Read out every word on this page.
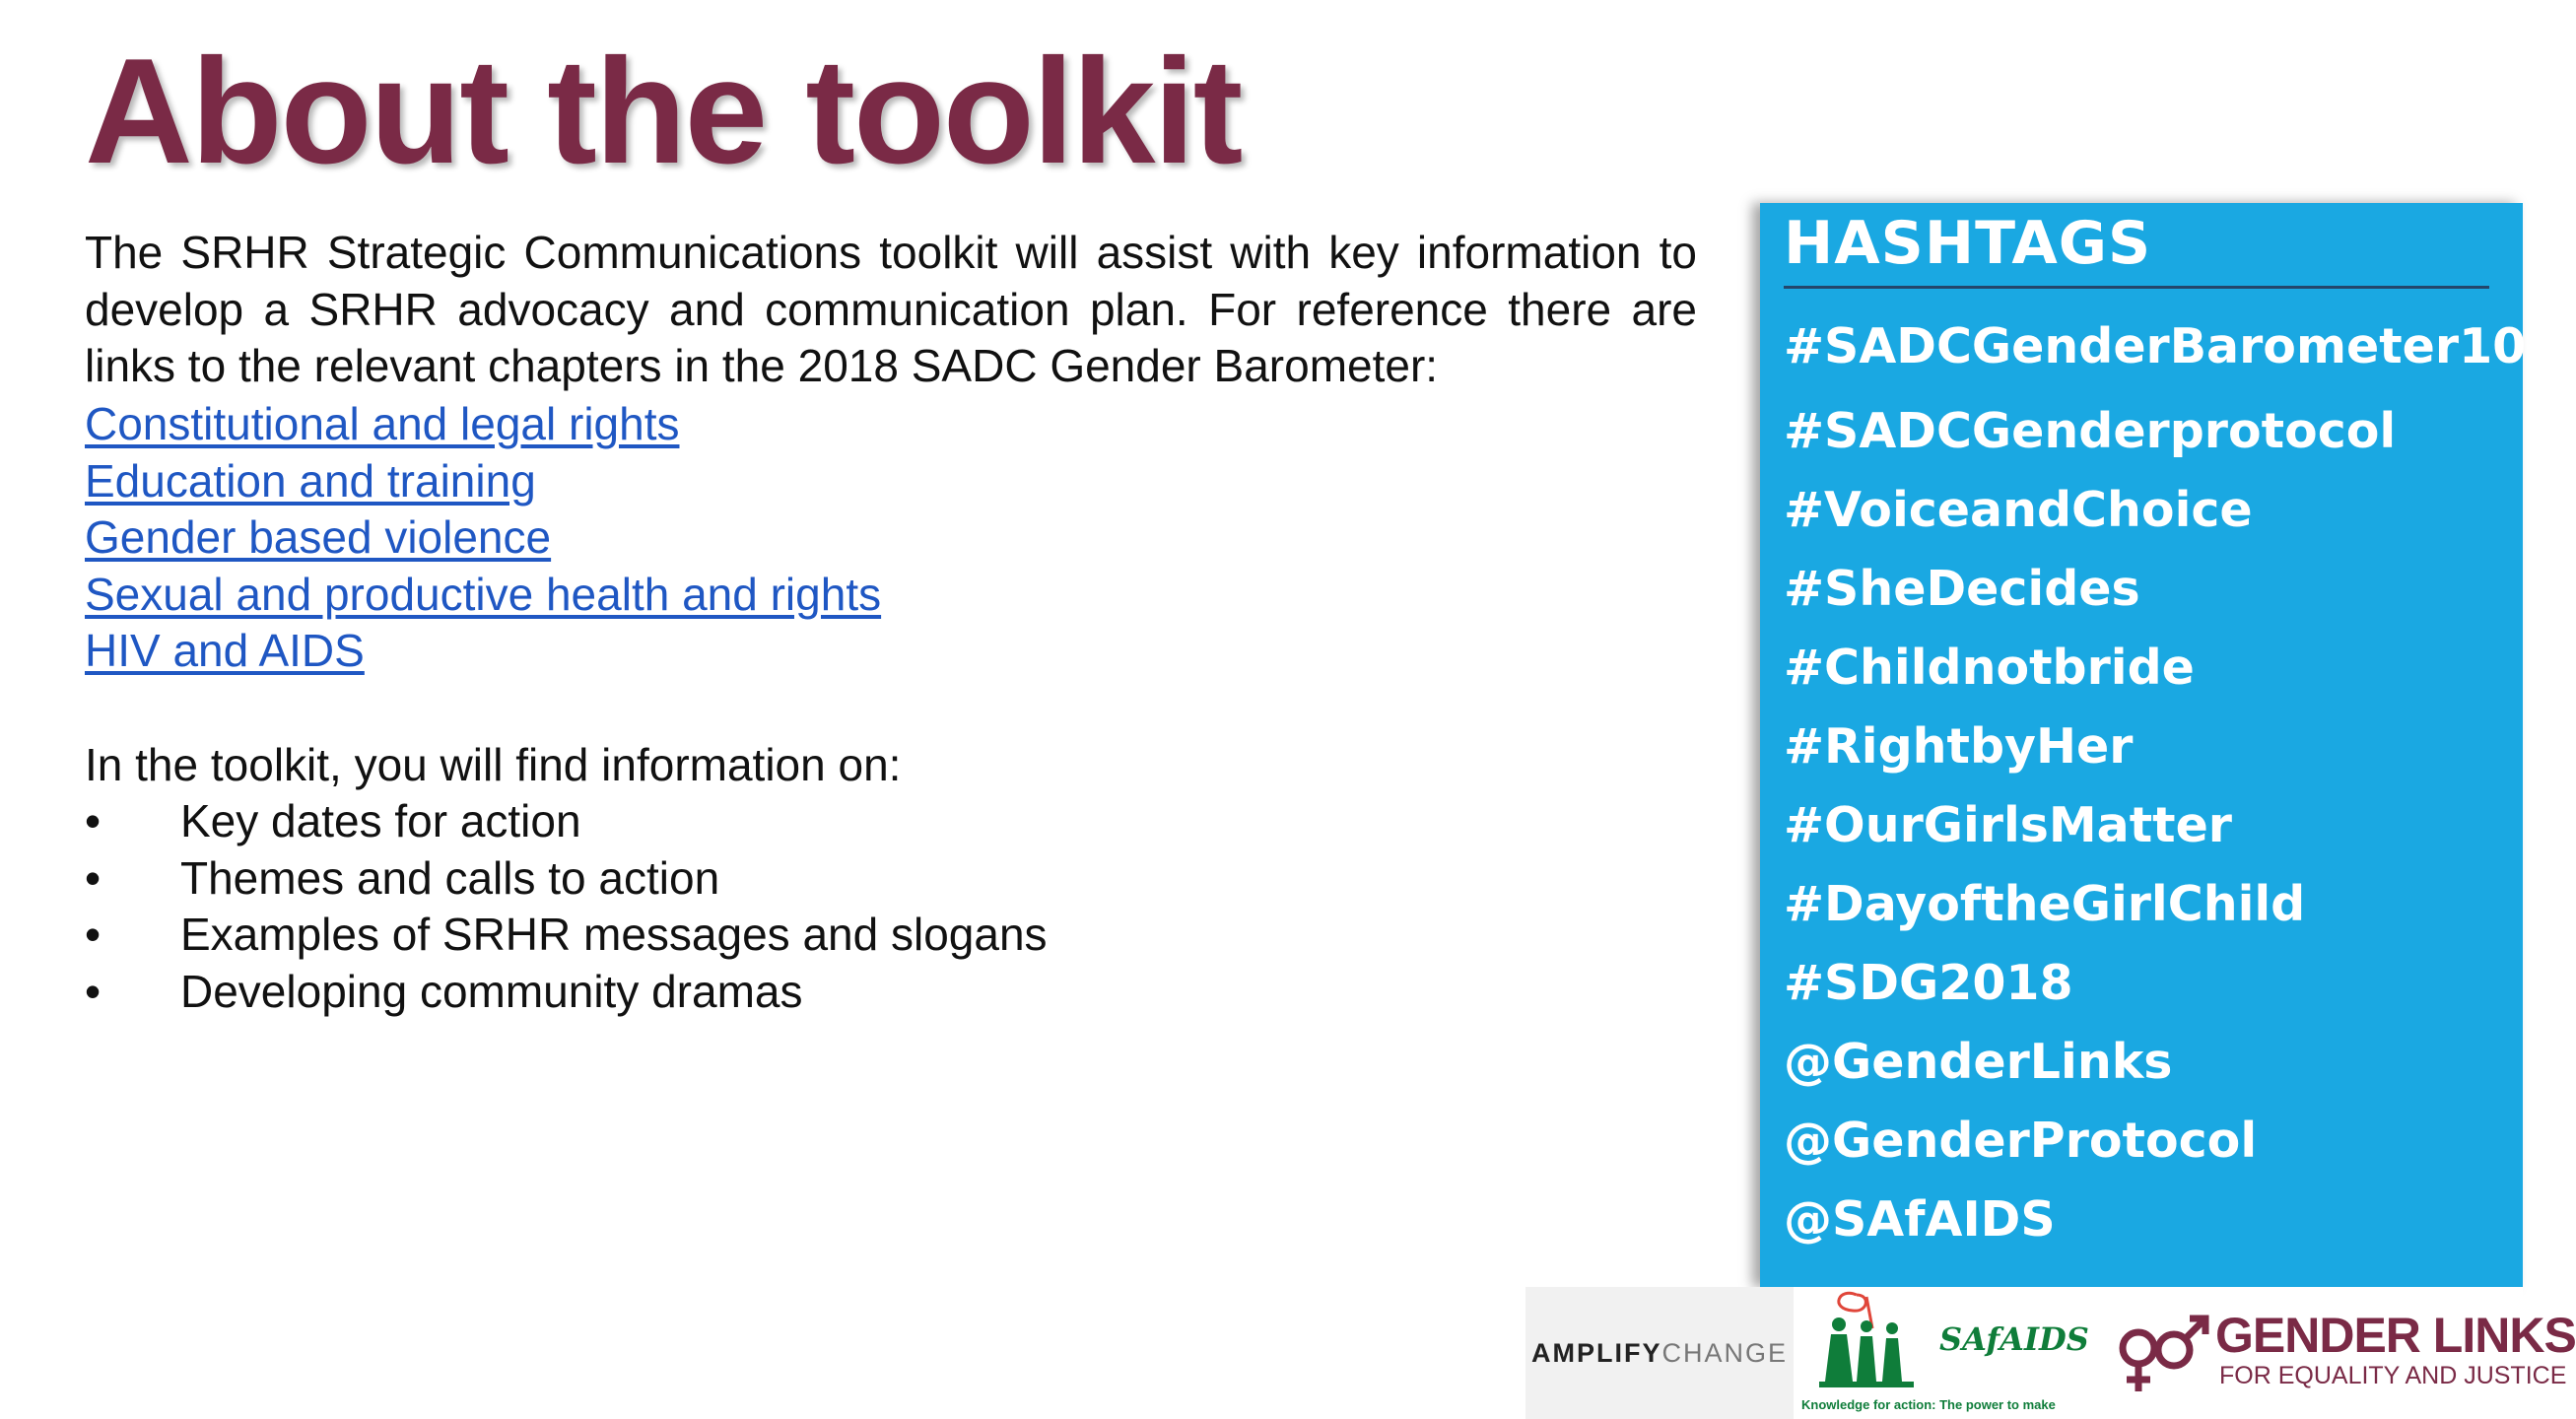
About the toolkit

The SRHR Strategic Communications toolkit will assist with key information to develop a SRHR advocacy and communication plan. For reference there are links to the relevant chapters in the 2018 SADC Gender Barometer:

Constitutional and legal rights
Education and training
Gender based violence
Sexual and productive health and rights
HIV and AIDS

In the toolkit, you will find information on:

• Key dates for action
• Themes and calls to action
• Examples of SRHR messages and slogans
• Developing community dramas
HASHTAGS
#SADCGenderBarometer10
#SADCGenderprotocol
#VoiceandChoice
#SheDecides
#Childnotbride
#RightbyHer
#OurGirlsMatter
#DayoftheGirlChild
#SDG2018
@GenderLinks
@GenderProtocol
@SAfAIDS
AMPLIFY CHANGE	SAfAIDS
Knowledge for action: The power to make
GENDER LINKS
FOR EQUALITY AND JUSTICE
